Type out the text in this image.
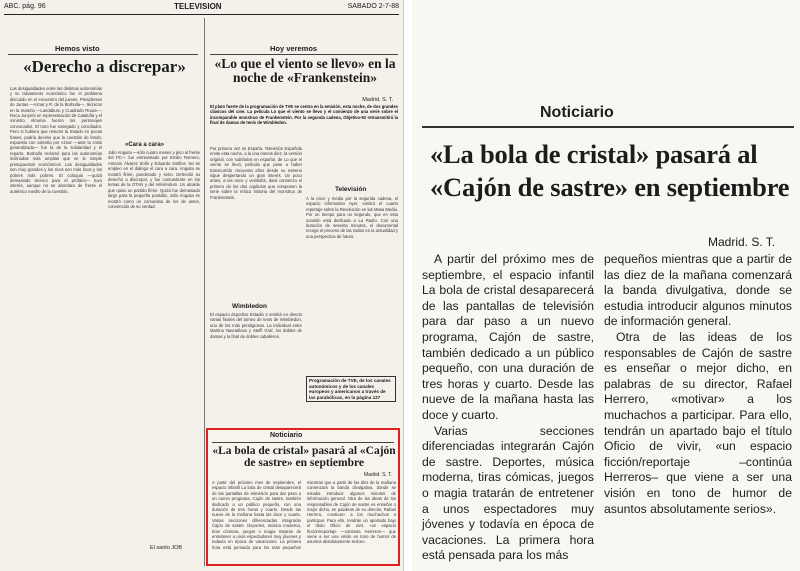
ABC. pág. 96	TELEVISION	SABADO 2-7-88
Hemos visto
«Derecho a discrepar»
Las desigualdades entre las distintas autonomías y su tratamiento económico fue el problema discutido en el encuentro del jueves. Presidentes de Juntas —Aznar y R. de la Borbolla—, técnicos en la materia —Landaburu y Cuadrado Roura—, Roca Junyent en representación de Cataluña y el ministro Almunia fueron los personajes convocados. El tono fue sosegado y conciliador. Pero si hubiera que resumir la tratado en pocas frases, podría decirse que la cuestión de fondo, expuesta con valentía por Aznar —ante la crisis generalizada— fue la de la solidaridad y el reparto. Borbolla reclamó para las autonomías inclinadas más amplias que se le simple presupuestos económicos. Las desigualdades son muy grandes y los ricos son más ricos y los pobres más pobres. El coloquio —quizá demasiado técnico para el profano— tuvo interés, aunque no se abordara de frente el auténtico meollo de la cuestión.
«Cara a cara»
Julio Anguita —sólo cuatro meses y pico al frente del PC— fue entrevistado por Emilio Romero, Antonio Álvarez Solís y Eduardo Sotillos. No se empleo en el diálogo el cara a cara. Anguita se mostró firme, ponderado y serio. Defendió su derecho a discrepar, y fue contundente en los temas de la OTAN y del referéndum. Un alcalde que quiso un partido firme. Quizá fue demasiado largo para la pequeña pantalla. Julio Anguita se mostró como un comunista de los de antes, convencido de su verdad.
El santo JOB
Hoy veremos
«Lo que el viento se llevo» en la noche de «Frankenstein»
Madrid. S. T.
El plato fuerte de la programación de TVE se centra en la emisión, esta noche, de dos grandes clásicos del cine. La película Lo que el viento se llevo y el comienzo de una serie sobre el incomparable monstruo de Frankenstein. Por la segunda cadena, Objetivo-92 retransmitirá la final de damas de tenis de Wimbledon.
Por primera vez en España, Televisión Española emite esta noche, a la una menos diez, la versión original, con subtítulos en español, de Lo que el viento se llevó, película que pese a haber transcurrido cincuenta años desde su estreno sigue despertando un gran interés. Un poco antes, a las once y veintidós, dará comienzo el primero de los dos capítulos que componen la serie sobre la mítica historia del monstruo de Frankenstein.
Wimbledon
El espacio deportivo Estadio 2 emitirá en directo varias finales del torneo de tenis de Wimbledon, uno de los más prestigiosos. La individual entre Martina Navratilova y Steffi Graf, los dobles de damas y la final de dobles caballeros.
Televisión
A la once y media por la segunda cadena, el espacio informativo Ayer, emitirá el cuarto reportaje sobre la Revolución en las Masa Media. Por un tiempo para un segundo, que en esta ocasión está dedicada a La Radio. Con una duración de sesenta minutos, el documental recoge el proceso de las radios en la actualidad y una perspectiva de futuro.
Programación de TVE, de los canales autonómicos y de los canales europeos y americanos a través de las parabólicas, en la página 127
Noticiario
«La bola de cristal» pasará al «Cajón de sastre» en septiembre
Madrid. S. T.
A partir del próximo mes de septiembre, el espacio infantil La bola de cristal desaparecerá de las pantallas de televisión para dar paso a un nuevo programa, Cajón de sastre, también dedicado a un público pequeño, con una duración de tres horas y cuarto. Desde las nueve de la mañana hasta las doce y cuarto. Varias secciones diferenciadas integrarán Cajón de sastre. Deportes, música moderna, tiras cómicas, juegos o magia tratarán de entretener a unos espectadores muy jóvenes y todavía en época de vacaciones. La primera hora está pensada para los más pequeños mientras que a partir de las diez de la mañana comenzará la banda divulgativa, donde se estudia introducir algunos minutos de información general. Otra de las ideas de los responsables de Cajón de sastre es enseñar o mejor dicho, en palabras de su director, Rafael Herrero, «motivar» a los muchachos a participar. Para ello, tendrán un apartado bajo el título Oficio de vivir, «un espacio ficción/reportaje —continúa Herreros— que viene a ser una visión en tono de humor de asuntos absolutamente serios».
Noticiario
«La bola de cristal» pasará al
«Cajón de sastre» en septiembre
Madrid. S. T.

A partir del próximo mes de septiembre, el espacio infantil La bola de cristal desaparecerá de las pantallas de televisión para dar paso a un nuevo programa, Cajón de sastre, también dedicado a un público pequeño, con una duración de tres horas y cuarto. Desde las nueve de la mañana hasta las doce y cuarto.

Varias secciones diferenciadas integrarán Cajón de sastre. Deportes, música moderna, tiras cómicas, juegos o magia tratarán de entretener a unos espectadores muy jóvenes y todavía en época de vacaciones. La primera hora está pensada para los más

pequeños mientras que a partir de las diez de la mañana comenzará la banda divulgativa, donde se estudia introducir algunos minutos de información general.

Otra de las ideas de los responsables de Cajón de sastre es enseñar o mejor dicho, en palabras de su director, Rafael Herrero, «motivar» a los muchachos a participar. Para ello, tendrán un apartado bajo el título Oficio de vivir, «un espacio ficción/reportaje –continúa Herreros– que viene a ser una visión en tono de humor de asuntos absolutamente serios».
